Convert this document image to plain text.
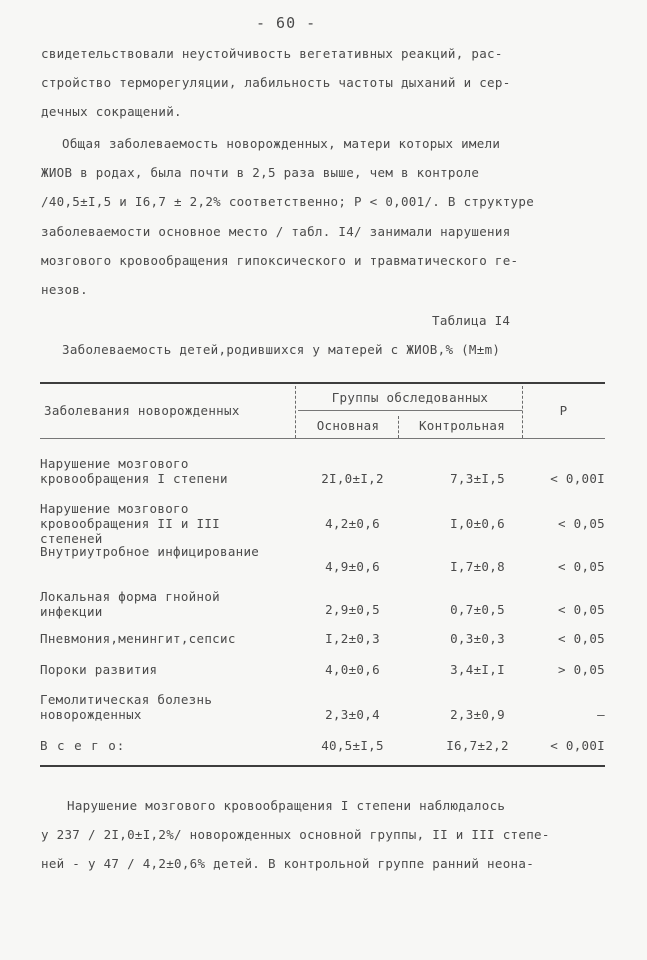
- 60 -
свидетельствовали неустойчивость вегетативных реакций, рас-
стройство терморегуляции, лабильность частоты дыханий и сер-
дечных сокращений.
Общая заболеваемость новорожденных, матери которых имели
ЖИОВ в родах, была почти в 2,5 раза выше, чем в контроле
/40,5±I,5 и I6,7 ± 2,2% соответственно; P < 0,001/. В структуре
заболеваемости основное место / табл. I4/ занимали нарушения
мозгового кровообращения гипоксического и травматического ге-
незов.
Таблица I4
Заболеваемость детей,родившихся у матерей с ЖИОВ,% (M±m)
Заболевания новорожденных
Группы обследованных
Основная	Контрольная
P
Нарушение мозгового кровообращения I степени	2I,0±I,2	7,3±I,5	< 0,00I
Нарушение мозгового кровообращения II и III степеней
4,2±0,6	I,0±0,6	< 0,05
Внутриутробное инфицирование
4,9±0,6	I,7±0,8	< 0,05
Локальная форма гнойной инфекции	2,9±0,5	0,7±0,5	< 0,05
Пневмония,менингит,сепсис	I,2±0,3	0,3±0,3	< 0,05
Пороки развития	4,0±0,6	3,4±I,I	> 0,05
Гемолитическая болезнь новорожденных	2,3±0,4	2,3±0,9	–
В с е г о:	40,5±I,5	I6,7±2,2	< 0,00I
Нарушение мозгового кровообращения I степени наблюдалось
у 237 / 2I,0±I,2%/ новорожденных основной группы, II и III степе-
ней - у 47 / 4,2±0,6% детей. В контрольной группе ранний неона-
